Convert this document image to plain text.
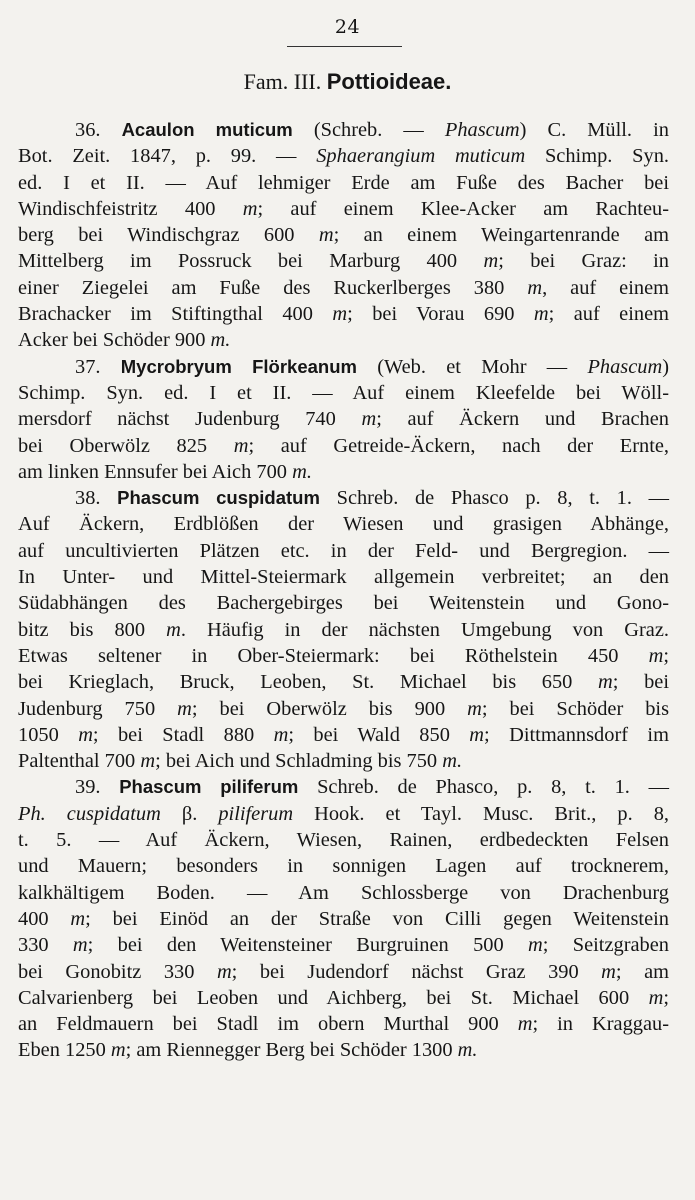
24
Fam. III. Pottioideae.
36. Acaulon muticum (Schreb. — Phascum) C. Müll. in
Bot. Zeit. 1847, p. 99. — Sphaerangium muticum Schimp. Syn.
ed. I et II. — Auf lehmiger Erde am Fuße des Bacher bei
Windischfeistritz 400 m; auf einem Klee-Acker am Rachteu-
berg bei Windischgraz 600 m; an einem Weingartenrande am
Mittelberg im Possruck bei Marburg 400 m; bei Graz: in
einer Ziegelei am Fuße des Ruckerlberges 380 m, auf einem
Brachacker im Stiftingthal 400 m; bei Vorau 690 m; auf einem
Acker bei Schöder 900 m.
37. Mycrobryum Flörkeanum (Web. et Mohr — Phascum)
Schimp. Syn. ed. I et II. — Auf einem Kleefelde bei Wöll-
mersdorf nächst Judenburg 740 m; auf Äckern und Brachen
bei Oberwölz 825 m; auf Getreide-Äckern, nach der Ernte,
am linken Ennsufer bei Aich 700 m.
38. Phascum cuspidatum Schreb. de Phasco p. 8, t. 1. —
Auf Äckern, Erdblößen der Wiesen und grasigen Abhänge,
auf uncultivierten Plätzen etc. in der Feld- und Bergregion. —
In Unter- und Mittel-Steiermark allgemein verbreitet; an den
Südabhängen des Bachergebirges bei Weitenstein und Gono-
bitz bis 800 m. Häufig in der nächsten Umgebung von Graz.
Etwas seltener in Ober-Steiermark: bei Röthelstein 450 m;
bei Krieglach, Bruck, Leoben, St. Michael bis 650 m; bei
Judenburg 750 m; bei Oberwölz bis 900 m; bei Schöder bis
1050 m; bei Stadl 880 m; bei Wald 850 m; Dittmannsdorf im
Paltenthal 700 m; bei Aich und Schladming bis 750 m.
39. Phascum piliferum Schreb. de Phasco, p. 8, t. 1. —
Ph. cuspidatum β. piliferum Hook. et Tayl. Musc. Brit., p. 8,
t. 5. — Auf Äckern, Wiesen, Rainen, erdbedeckten Felsen
und Mauern; besonders in sonnigen Lagen auf trocknerem,
kalkhältigem Boden. — Am Schlossberge von Drachenburg
400 m; bei Einöd an der Straße von Cilli gegen Weitenstein
330 m; bei den Weitensteiner Burgruinen 500 m; Seitzgraben
bei Gonobitz 330 m; bei Judendorf nächst Graz 390 m; am
Calvarienberg bei Leoben und Aichberg, bei St. Michael 600 m;
an Feldmauern bei Stadl im obern Murthal 900 m; in Kraggau-
Eben 1250 m; am Riennegger Berg bei Schöder 1300 m.
